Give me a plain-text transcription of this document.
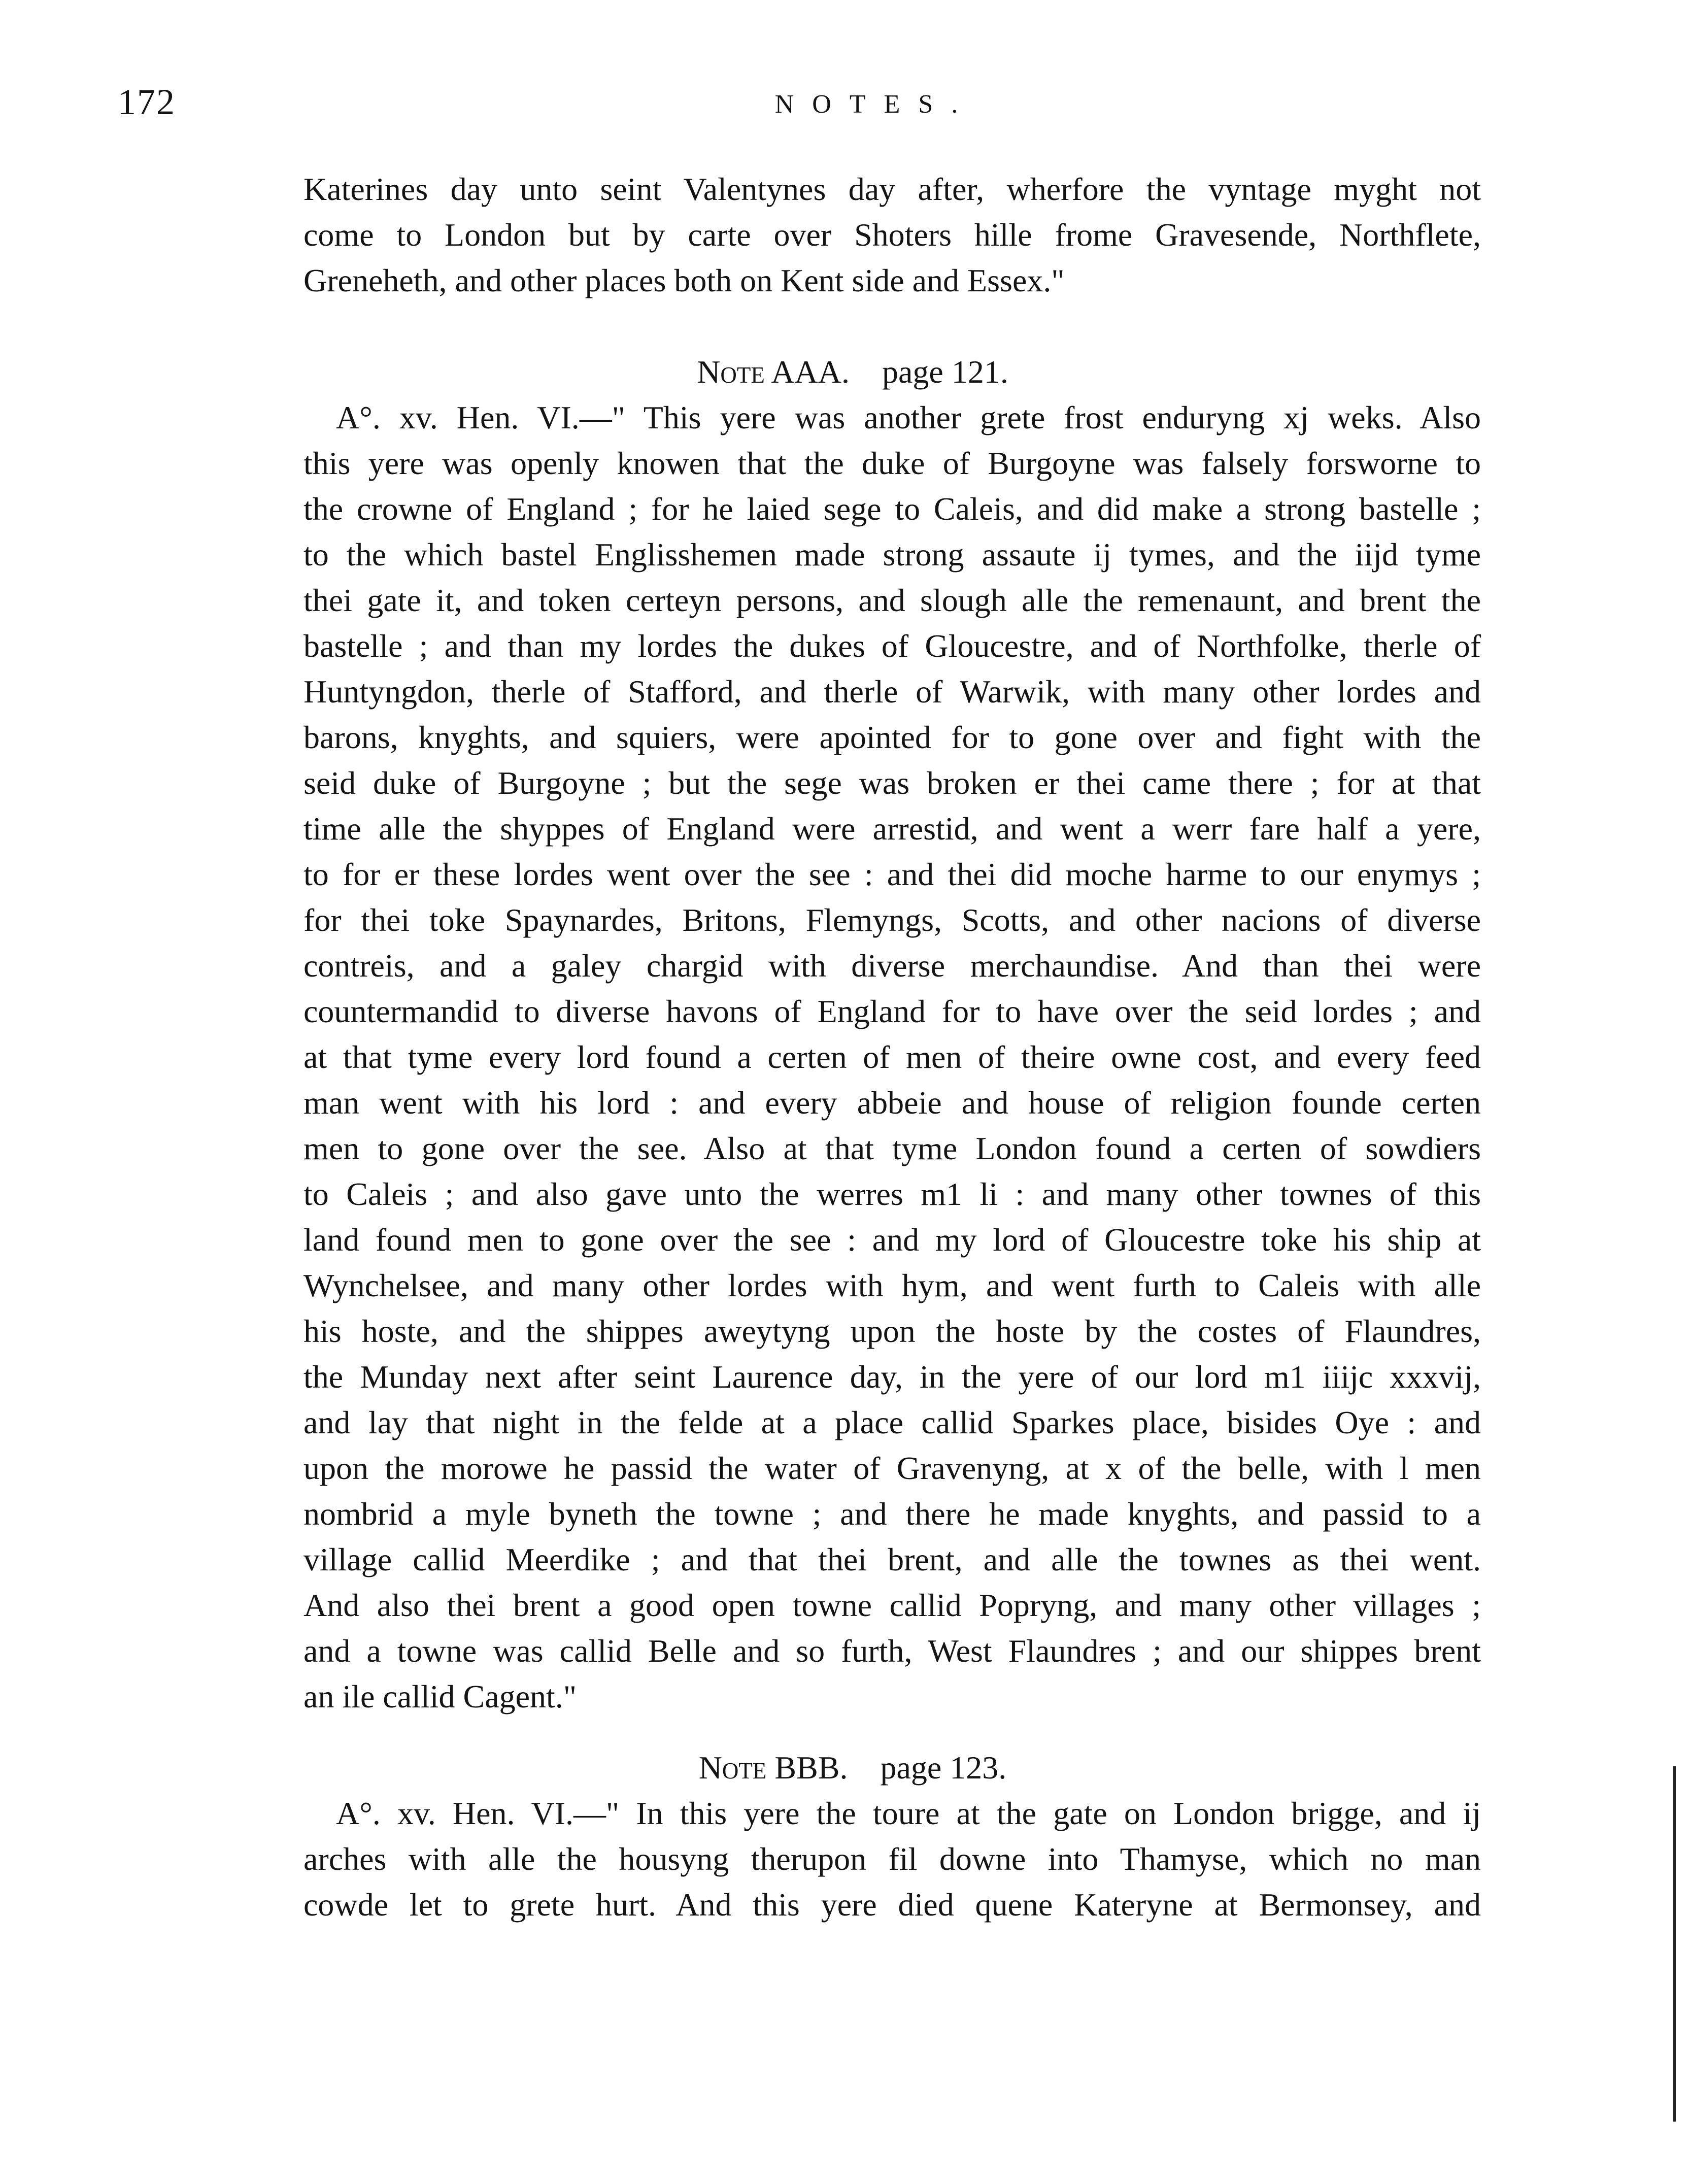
172	NOTES.
Katerines day unto seint Valentynes day after, wherfore the vyntage myght not
come to London but by carte over Shoters hille frome Gravesende, Northflete,
Greneheth, and other places both on Kent side and Essex."
Note AAA. page 121.
A°. xv. Hen. VI.—" This yere was another grete frost enduryng xj weks. Also
this yere was openly knowen that the duke of Burgoyne was falsely forsworne to
the crowne of England ; for he laied sege to Caleis, and did make a strong bastelle ;
to the which bastel Englisshemen made strong assaute ij tymes, and the iijd tyme
thei gate it, and token certeyn persons, and slough alle the remenaunt, and brent the
bastelle ; and than my lordes the dukes of Gloucestre, and of Northfolke, therle of
Huntyngdon, therle of Stafford, and therle of Warwik, with many other lordes and
barons, knyghts, and squiers, were apointed for to gone over and fight with the
seid duke of Burgoyne ; but the sege was broken er thei came there ; for at that
time alle the shyppes of England were arrestid, and went a werr fare half a yere,
to for er these lordes went over the see : and thei did moche harme to our enymys ;
for thei toke Spaynardes, Britons, Flemyngs, Scotts, and other nacions of diverse
contreis, and a galey chargid with diverse merchaundise. And than thei were
countermandid to diverse havons of England for to have over the seid lordes ; and
at that tyme every lord found a certen of men of theire owne cost, and every feed
man went with his lord : and every abbeie and house of religion founde certen
men to gone over the see. Also at that tyme London found a certen of sowdiers
to Caleis ; and also gave unto the werres m1 li : and many other townes of this
land found men to gone over the see : and my lord of Gloucestre toke his ship at
Wynchelsee, and many other lordes with hym, and went furth to Caleis with alle
his hoste, and the shippes aweytyng upon the hoste by the costes of Flaundres,
the Munday next after seint Laurence day, in the yere of our lord m1 iiijc xxxvij,
and lay that night in the felde at a place callid Sparkes place, bisides Oye : and
upon the morowe he passid the water of Gravenyng, at x of the belle, with l men
nombrid a myle byneth the towne ; and there he made knyghts, and passid to a
village callid Meerdike ; and that thei brent, and alle the townes as thei went.
And also thei brent a good open towne callid Popryng, and many other villages ;
and a towne was callid Belle and so furth, West Flaundres ; and our shippes brent
an ile callid Cagent."
Note BBB. page 123.
A°. xv. Hen. VI.—" In this yere the toure at the gate on London brigge, and ij
arches with alle the housyng therupon fil downe into Thamyse, which no man
cowde let to grete hurt. And this yere died quene Kateryne at Bermonsey, and
